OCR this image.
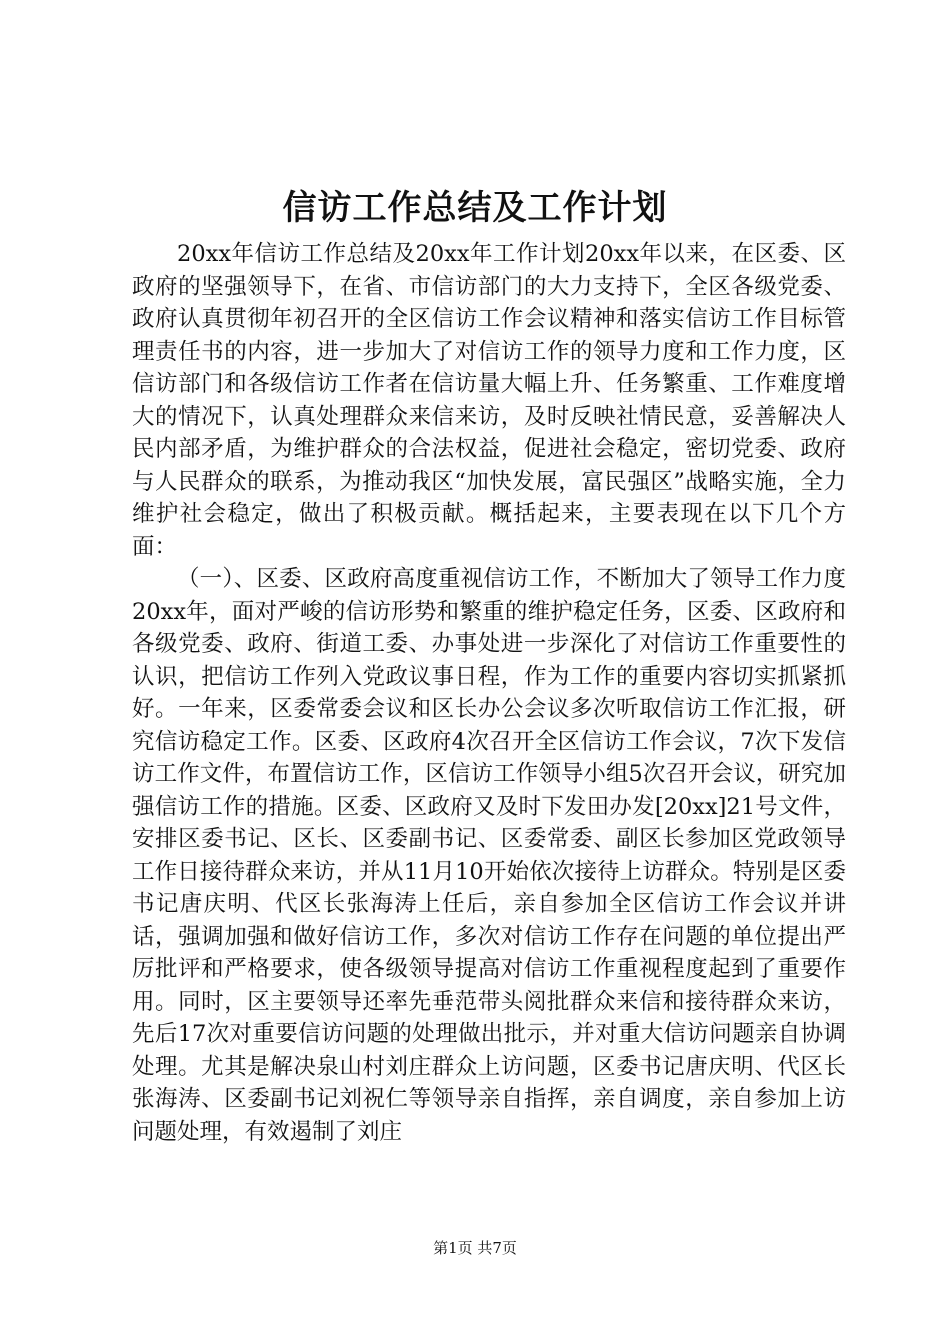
信访工作总结及工作计划

20xx年信访工作总结及20xx年工作计划20xx年以来，在区委、区政府的坚强领导下，在省、市信访部门的大力支持下，全区各级党委、政府认真贯彻年初召开的全区信访工作会议精神和落实信访工作目标管理责任书的内容，进一步加大了对信访工作的领导力度和工作力度，区信访部门和各级信访工作者在信访量大幅上升、任务繁重、工作难度增大的情况下，认真处理群众来信来访，及时反映社情民意，妥善解决人民内部矛盾，为维护群众的合法权益，促进社会稳定，密切党委、政府与人民群众的联系，为推动我区“加快发展，富民强区”战略实施，全力维护社会稳定，做出了积极贡献。概括起来，主要表现在以下几个方面：

（一）、区委、区政府高度重视信访工作，不断加大了领导工作力度20xx年，面对严峻的信访形势和繁重的维护稳定任务，区委、区政府和各级党委、政府、街道工委、办事处进一步深化了对信访工作重要性的认识，把信访工作列入党政议事日程，作为工作的重要内容切实抓紧抓好。一年来，区委常委会议和区长办公会议多次听取信访工作汇报，研究信访稳定工作。区委、区政府4次召开全区信访工作会议，7次下发信访工作文件，布置信访工作，区信访工作领导小组5次召开会议，研究加强信访工作的措施。区委、区政府又及时下发田办发[20xx]21号文件，安排区委书记、区长、区委副书记、区委常委、副区长参加区党政领导工作日接待群众来访，并从11月10开始依次接待上访群众。特别是区委书记唐庆明、代区长张海涛上任后，亲自参加全区信访工作会议并讲话，强调加强和做好信访工作，多次对信访工作存在问题的单位提出严厉批评和严格要求，使各级领导提高对信访工作重视程度起到了重要作用。同时，区主要领导还率先垂范带头阅批群众来信和接待群众来访，先后17次对重要信访问题的处理做出批示，并对重大信访问题亲自协调处理。尤其是解决泉山村刘庄群众上访问题，区委书记唐庆明、代区长张海涛、区委副书记刘祝仁等领导亲自指挥，亲自调度，亲自参加上访问题处理，有效遏制了刘庄

第1页 共7页
